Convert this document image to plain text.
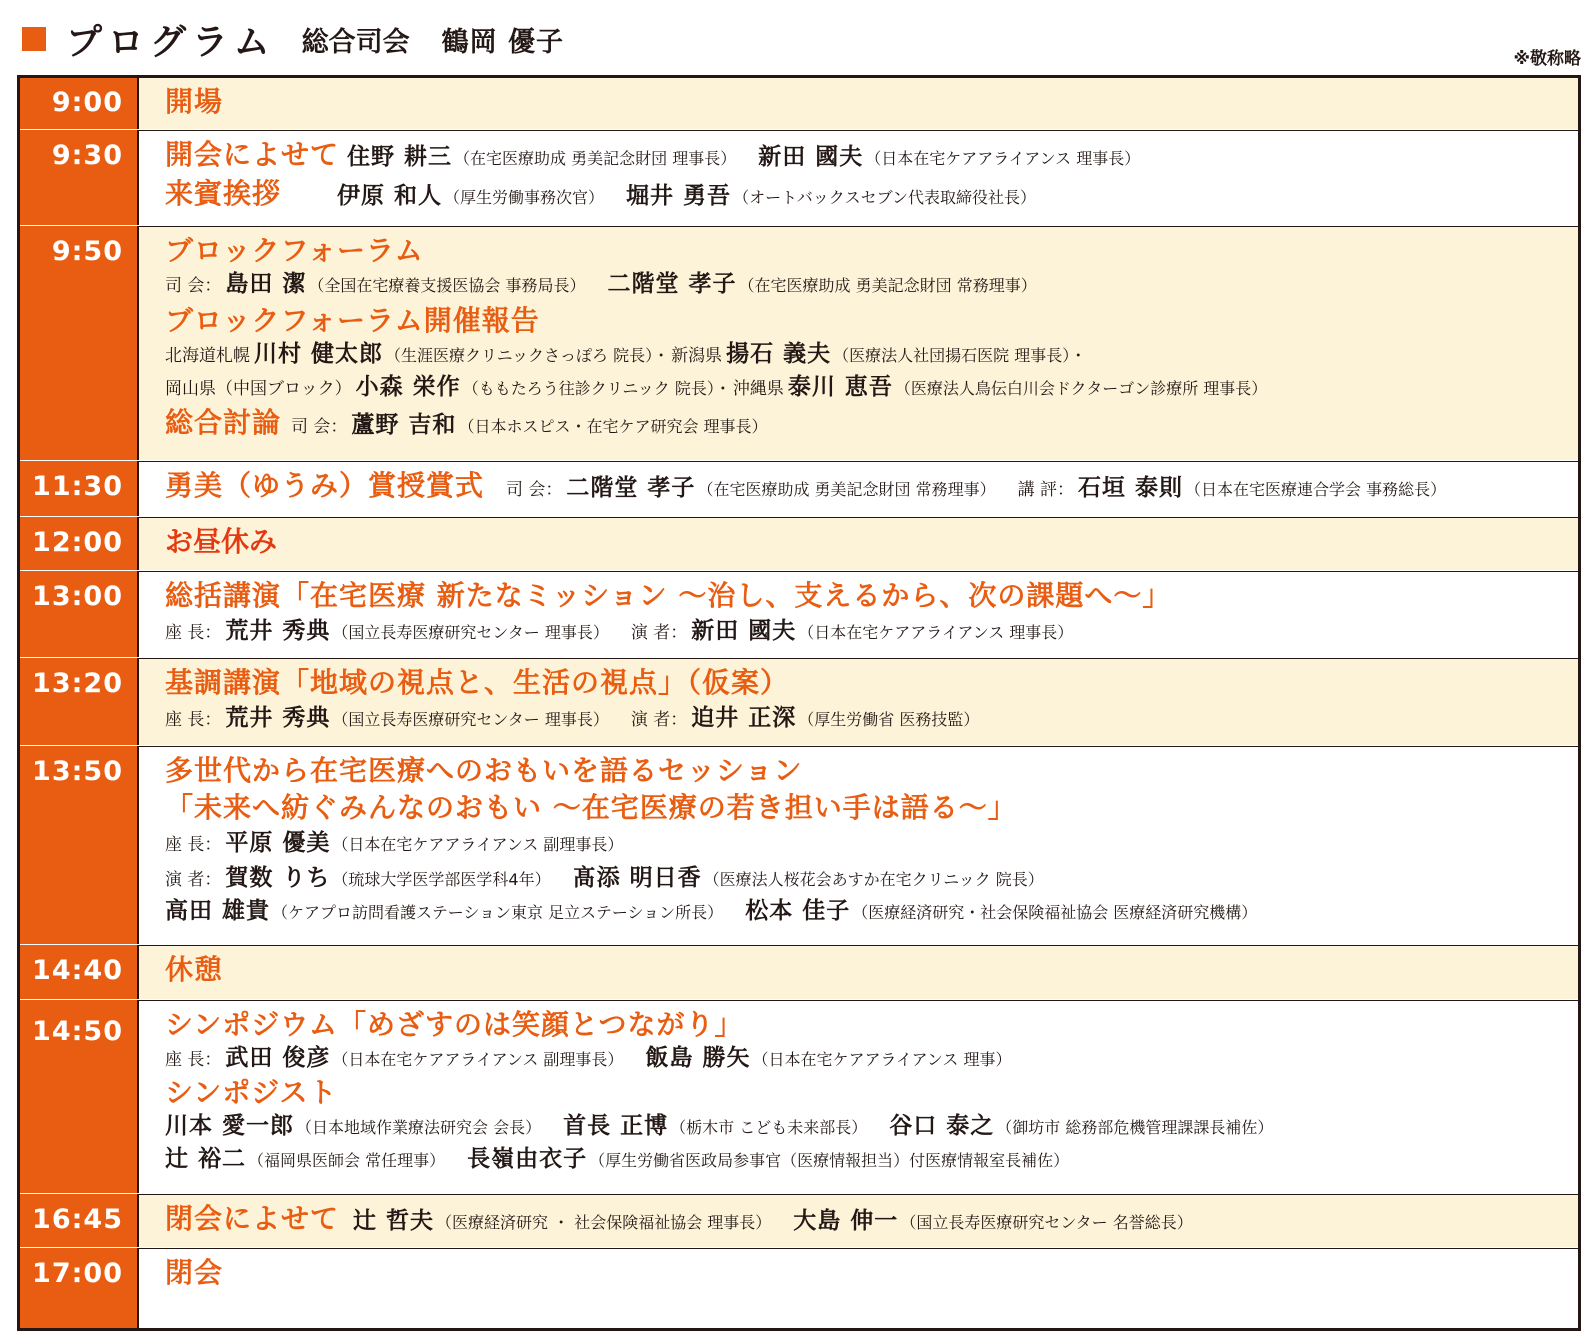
プログラム 総合司会 鶴岡 優子
※敬称略
9:00	開場
9:30	開会によせて 住野 耕三 （在宅医療助成 勇美記念財団 理事長） 新田 國夫 （日本在宅ケアアライアンス 理事長）
来賓挨拶 伊原 和人 （厚生労働事務次官） 堀井 勇吾 （オートバックスセブン代表取締役社長）
9:50	ブロックフォーラム
司 会： 島田 潔 （全国在宅療養支援医協会 事務局長） 二階堂 孝子 （在宅医療助成 勇美記念財団 常務理事）
ブロックフォーラム開催報告
北海道札幌 川村 健太郎 （生涯医療クリニックさっぽろ 院長）・ 新潟県 揚石 義夫 （医療法人社団揚石医院 理事長）・
岡山県（中国ブロック） 小森 栄作 （ももたろう往診クリニック 院長）・ 沖縄県 泰川 恵吾 （医療法人鳥伝白川会ドクターゴン診療所 理事長）
総合討論 司 会： 蘆野 吉和 （日本ホスピス・在宅ケア研究会 理事長）
11:30	勇美（ゆうみ）賞授賞式 司 会： 二階堂 孝子 （在宅医療助成 勇美記念財団 常務理事） 講 評： 石垣 泰則 （日本在宅医療連合学会 事務総長）
12:00	お昼休み
13:00	総括講演「在宅医療 新たなミッション ～治し、支えるから、次の課題へ～」
座 長： 荒井 秀典 （国立長寿医療研究センター 理事長） 演 者： 新田 國夫 （日本在宅ケアアライアンス 理事長）
13:20	基調講演「地域の視点と、生活の視点」（仮案）
座 長： 荒井 秀典 （国立長寿医療研究センター 理事長） 演 者： 迫井 正深 （厚生労働省 医務技監）
13:50	多世代から在宅医療へのおもいを語るセッション
「未来へ紡ぐみんなのおもい ～在宅医療の若き担い手は語る～」
座 長： 平原 優美 （日本在宅ケアアライアンス 副理事長）
演 者： 賀数 りち （琉球大学医学部医学科4年） 髙添 明日香 （医療法人桜花会あすか在宅クリニック 院長）
高田 雄貴 （ケアプロ訪問看護ステーション東京 足立ステーション所長） 松本 佳子 （医療経済研究・社会保険福祉協会 医療経済研究機構）
14:40	休憩
14:50	シンポジウム「めざすのは笑顔とつながり」
座 長： 武田 俊彦 （日本在宅ケアアライアンス 副理事長） 飯島 勝矢 （日本在宅ケアアライアンス 理事）
シンポジスト
川本 愛一郎 （日本地域作業療法研究会 会長） 首長 正博 （栃木市 こども未来部長） 谷口 泰之 （御坊市 総務部危機管理課課長補佐）
辻 裕二 （福岡県医師会 常任理事） 長嶺由衣子 （厚生労働省医政局参事官（医療情報担当）付医療情報室長補佐）
16:45	閉会によせて 辻 哲夫 （医療経済研究 ・ 社会保険福祉協会 理事長） 大島 伸一 （国立長寿医療研究センター 名誉総長）
17:00	閉会
